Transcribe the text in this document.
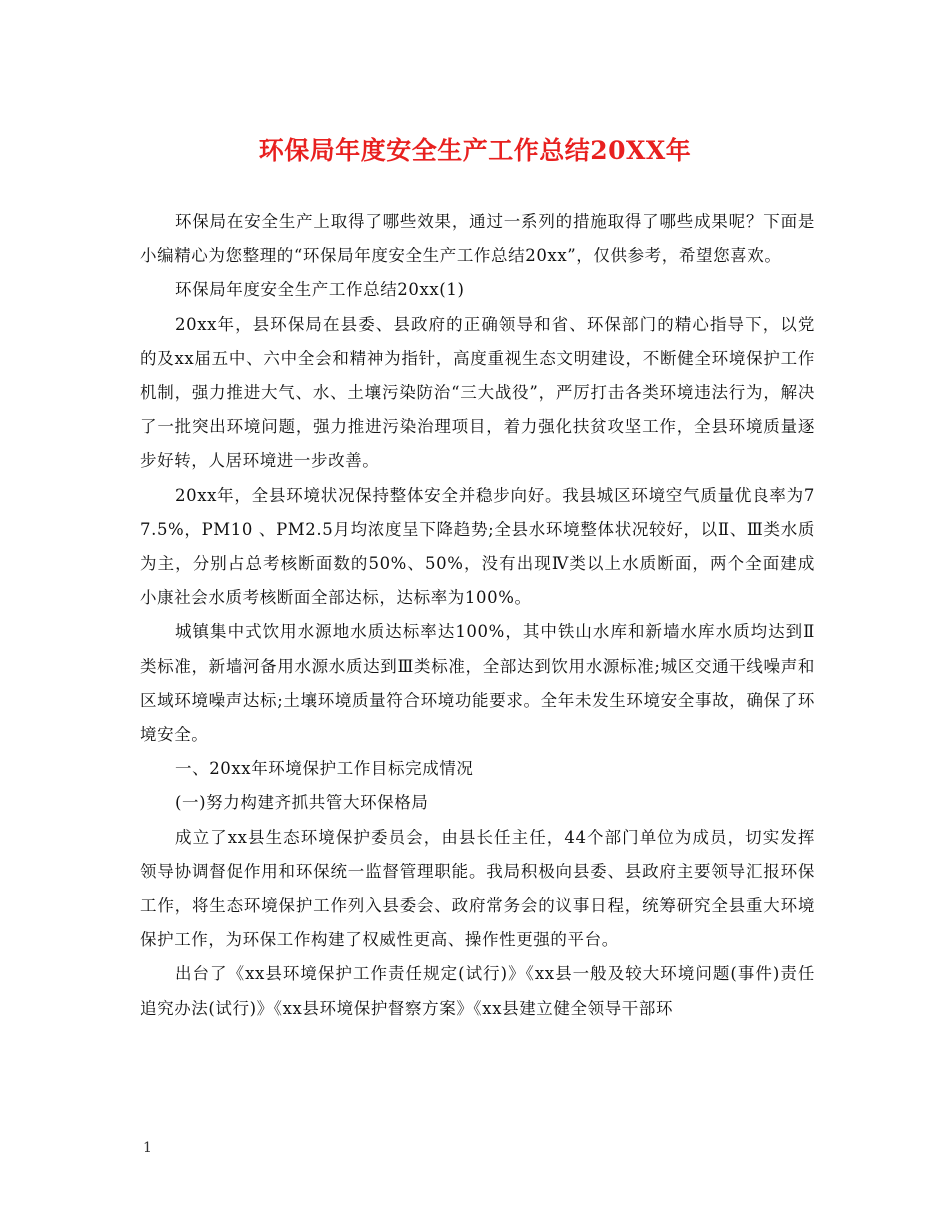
环保局年度安全生产工作总结20XX年

环保局在安全生产上取得了哪些效果，通过一系列的措施取得了哪些成果呢？下面是小编精心为您整理的“环保局年度安全生产工作总结20xx”，仅供参考，希望您喜欢。

环保局年度安全生产工作总结20xx(1)

20xx年，县环保局在县委、县政府的正确领导和省、环保部门的精心指导下，以党的及xx届五中、六中全会和精神为指针，高度重视生态文明建设，不断健全环境保护工作机制，强力推进大气、水、土壤污染防治“三大战役”，严厉打击各类环境违法行为，解决了一批突出环境问题，强力推进污染治理项目，着力强化扶贫攻坚工作，全县环境质量逐步好转，人居环境进一步改善。

20xx年，全县环境状况保持整体安全并稳步向好。我县城区环境空气质量优良率为77.5%，PM10 、PM2.5月均浓度呈下降趋势;全县水环境整体状况较好，以Ⅱ、Ⅲ类水质为主，分别占总考核断面数的50%、50%，没有出现Ⅳ类以上水质断面，两个全面建成小康社会水质考核断面全部达标，达标率为100%。

城镇集中式饮用水源地水质达标率达100%，其中铁山水库和新墙水库水质均达到Ⅱ类标准，新墙河备用水源水质达到Ⅲ类标准，全部达到饮用水源标准;城区交通干线噪声和区域环境噪声达标;土壤环境质量符合环境功能要求。全年未发生环境安全事故，确保了环境安全。

一、20xx年环境保护工作目标完成情况

(一)努力构建齐抓共管大环保格局

成立了xx县生态环境保护委员会，由县长任主任，44个部门单位为成员，切实发挥领导协调督促作用和环保统一监督管理职能。我局积极向县委、县政府主要领导汇报环保工作，将生态环境保护工作列入县委会、政府常务会的议事日程，统筹研究全县重大环境保护工作，为环保工作构建了权威性更高、操作性更强的平台。

出台了《xx县环境保护工作责任规定(试行)》《xx县一般及较大环境问题(事件)责任追究办法(试行)》《xx县环境保护督察方案》《xx县建立健全领导干部环

1
